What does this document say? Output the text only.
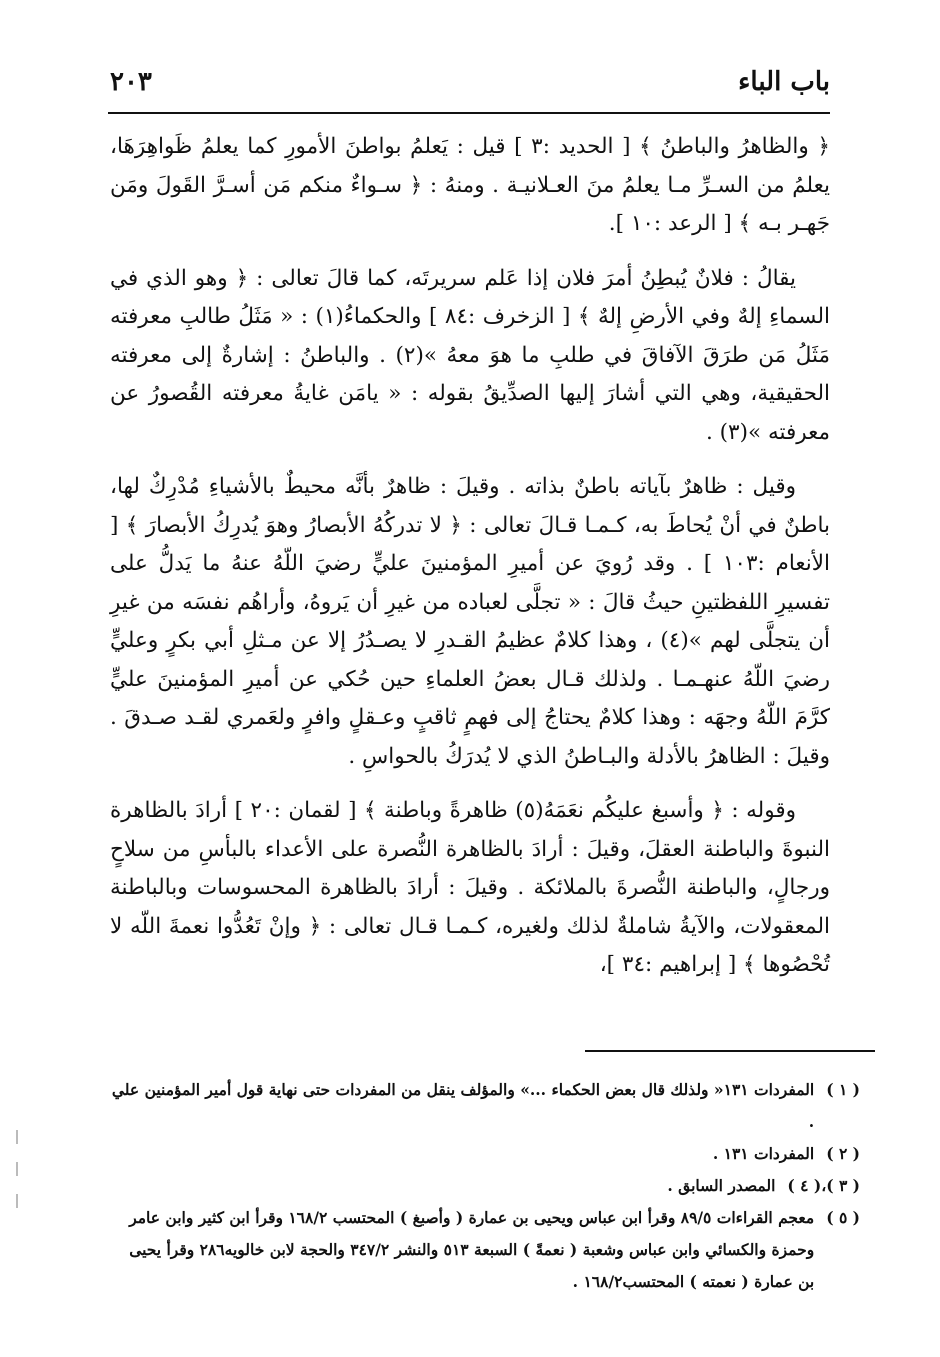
باب الباء
٢٠٣

﴿ والظاهرُ والباطنُ ﴾ [ الحديد :٣ ] قيل : يَعلمُ بواطنَ الأمورِ كما يعلمُ ظَواهِرَهَا، يعلمُ من السـرِّ مـا يعلمُ منَ العـلانيـة . ومنهُ : ﴿ سـواءٌ منكم مَن أسـرَّ القَولَ ومَن جَهـر بـه ﴾ [ الرعد :١٠ ].

يقالُ : فلانٌ يُبطِنُ أمرَ فلان إذا عَلم سريرتَه، كما قالَ تعالى : ﴿ وهو الذي في السماءِ إلهٌ وفي الأرضِ إلهٌ ﴾ [ الزخرف :٨٤ ] والحكماءُ(١) : « مَثَلُ طالبِ معرفته مَثَلُ مَن طرَقَ الآفاقَ في طلبِ ما هوَ معهُ »(٢) . والباطنُ : إشارةٌ إلى معرفته الحقيقية، وهي التي أشارَ إليها الصدِّيقُ بقوله : « يامَن غايةُ معرفته القُصورُ عن معرفته »(٣) .

وقيل : ظاهرٌ بآياته باطنٌ بذاته . وقيلَ : ظاهرٌ بأنَّه محيطٌ بالأشياءِ مُدْرِكٌ لها، باطنٌ في أنْ يُحاطَ به، كـمـا قـالَ تعالى : ﴿ لا تدركُهُ الأبصارُ وهوَ يُدرِكُ الأبصارَ ﴾ [ الأنعام :١٠٣ ] . وقد رُويَ عن أميرِ المؤمنينَ عليٍّ رضيَ اللّهُ عنهُ ما يَدلُّ على تفسيرِ اللفظتينِ حيثُ قالَ : « تجلَّى لعباده من غيرِ أن يَروهُ، وأراهُم نفسَه من غيرِ أن يتجلَّى لهم »(٤) ، وهذا كلامٌ عظيمُ القـدرِ لا يصـدُرُ إلا عن مـثلِ أبي بكرٍ وعليٍّ رضيَ اللّهُ عنهـمـا . ولذلك قـال بعضُ العلماءِ حين حُكي عن أميرِ المؤمنينَ عليٍّ كرَّمَ اللّهُ وجهَه : وهذا كلامٌ يحتاجُ إلى فهمٍ ثاقبٍ وعـقلٍ وافرٍ ولعَمري لقـد صـدقَ . وقيلَ : الظاهرُ بالأدلة والبـاطنُ الذي لا يُدرَكُ بالحواسِ .

وقوله : ﴿ وأسبغ عليكُم نعَمَهُ(٥) ظاهرةً وباطنة ﴾ [ لقمان :٢٠ ] أرادَ بالظاهرة النبوةَ والباطنة العقلَ، وقيلَ : أرادَ بالظاهرة النُّصرة على الأعداء بالبأسِ من سلاحٍ ورجالٍ، والباطنة النُّصرةَ بالملائكة . وقيلَ : أرادَ بالظاهرة المحسوسات وبالباطنة المعقولات، والآيةُ شاملةٌ لذلك ولغيره، كـمـا قـال تعالى : ﴿ وإنْ تَعُدُّوا نعمةَ اللّه لا تُحْصُوها ﴾ [ إبراهيم :٣٤ ]،

( ١ )
المفردات ١٣١« ولذلك قال بعض الحكماء ...» والمؤلف ينقل من المفردات حتى نهاية قول أمير المؤمنين علي .
( ٢ )
المفردات ١٣١ .
( ٣ )،( ٤ )
المصدر السابق .
( ٥ )
معجم القراءات ٨٩/٥ وقرأ ابن عباس ويحيى بن عمارة ( وأصبغ ) المحتسب ١٦٨/٢ وقرأ ابن كثير وابن عامر وحمزة والكسائي وابن عباس وشعبة ( نعمةً ) السبعة ٥١٣ والنشر ٣٤٧/٢ والحجة لابن خالويه٢٨٦ وقرأ يحيى بن عمارة ( نعمته ) المحتسب١٦٨/٢ .
